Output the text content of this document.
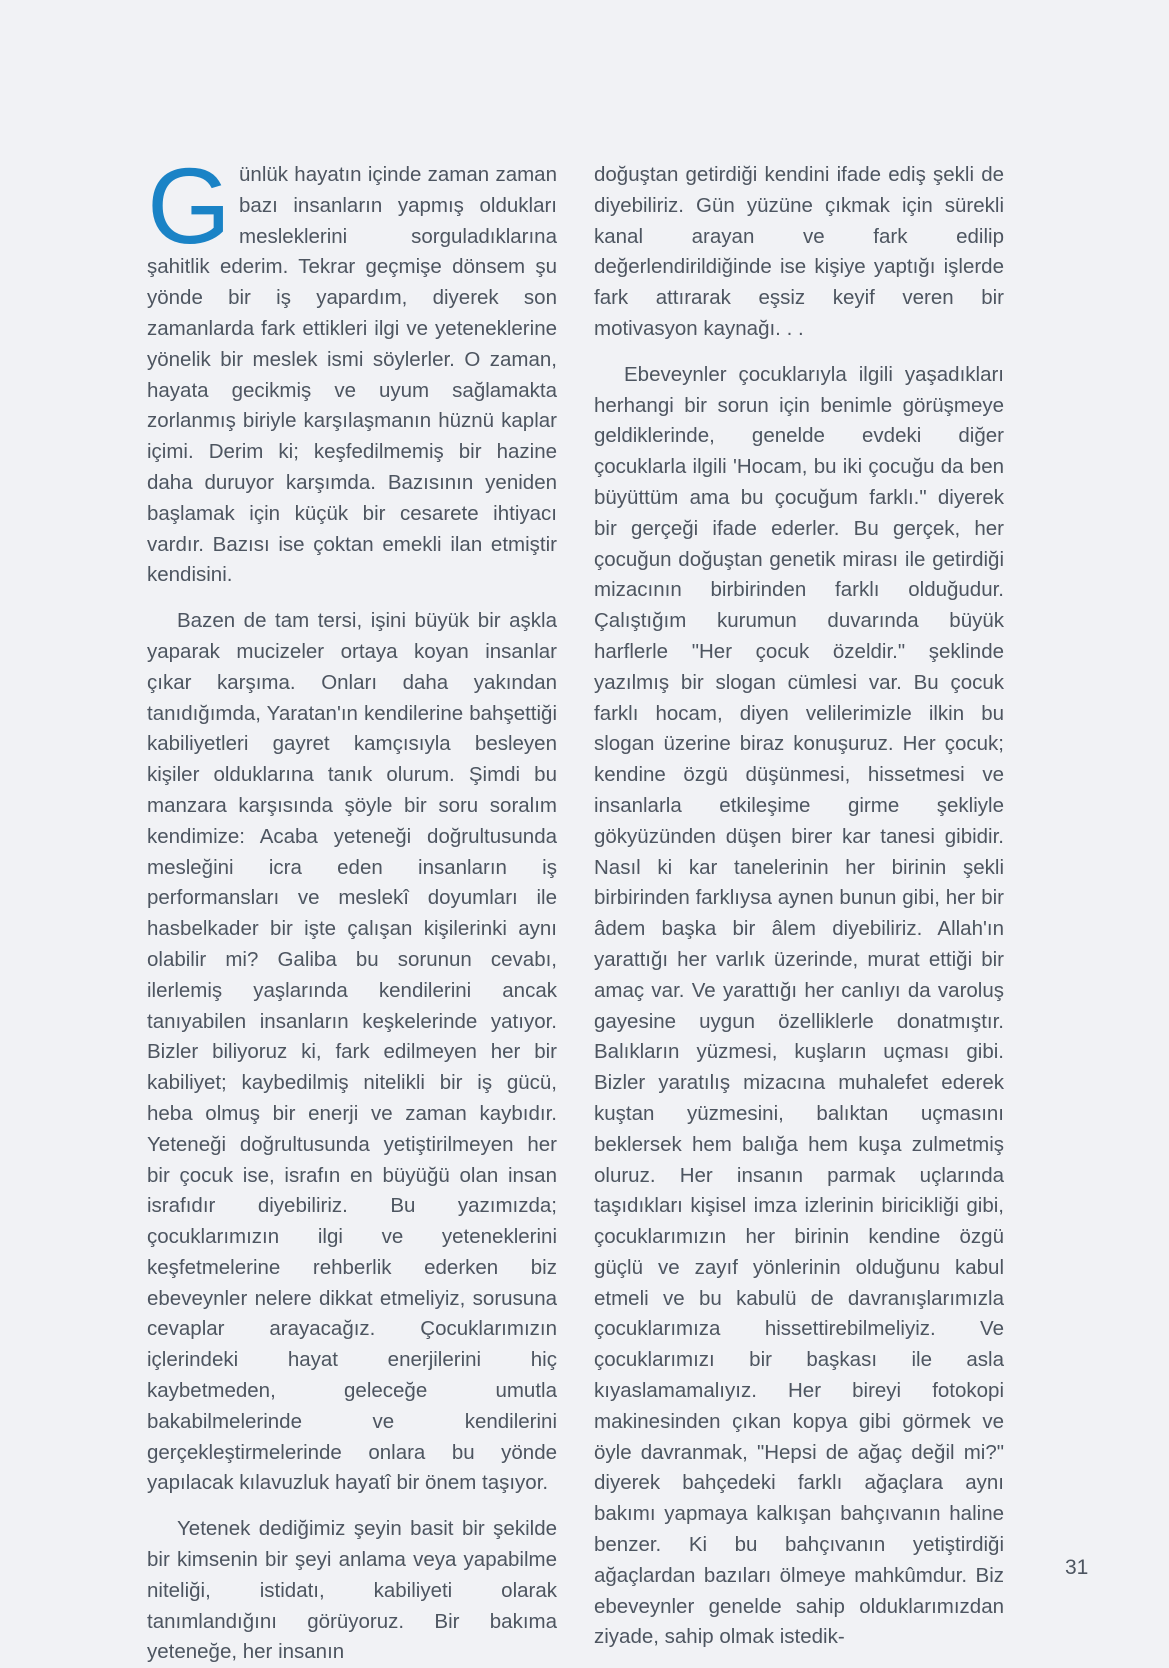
Günlük hayatın içinde zaman zaman bazı insanların yapmış oldukları mesleklerini sorguladıklarına şahitlik ederim. Tekrar geçmişe dönsem şu yönde bir iş yapardım, diyerek son zamanlarda fark ettikleri ilgi ve yeteneklerine yönelik bir meslek ismi söylerler. O zaman, hayata gecikmiş ve uyum sağlamakta zorlanmış biriyle karşılaşmanın hüznü kaplar içimi. Derim ki; keşfedilmemiş bir hazine daha duruyor karşımda. Bazısının yeniden başlamak için küçük bir cesarete ihtiyacı vardır. Bazısı ise çoktan emekli ilan etmiştir kendisini.

Bazen de tam tersi, işini büyük bir aşkla yaparak mucizeler ortaya koyan insanlar çıkar karşıma. Onları daha yakından tanıdığımda, Yaratan'ın kendilerine bahşettiği kabiliyetleri gayret kamçısıyla besleyen kişiler olduklarına tanık olurum. Şimdi bu manzara karşısında şöyle bir soru soralım kendimize: Acaba yeteneği doğrultusunda mesleğini icra eden insanların iş performansları ve meslekî doyumları ile hasbelkader bir işte çalışan kişilerinki aynı olabilir mi? Galiba bu sorunun cevabı, ilerlemiş yaşlarında kendilerini ancak tanıyabilen insanların keşkelerinde yatıyor. Bizler biliyoruz ki, fark edilmeyen her bir kabiliyet; kaybedilmiş nitelikli bir iş gücü, heba olmuş bir enerji ve zaman kaybıdır. Yeteneği doğrultusunda yetiştirilmeyen her bir çocuk ise, israfın en büyüğü olan insan israfıdır diyebiliriz. Bu yazımızda; çocuklarımızın ilgi ve yeteneklerini keşfetmelerine rehberlik ederken biz ebeveynler nelere dikkat etmeliyiz, sorusuna cevaplar arayacağız. Çocuklarımızın içlerindeki hayat enerjilerini hiç kaybetmeden, geleceğe umutla bakabilmelerinde ve kendilerini gerçekleştirmelerinde onlara bu yönde yapılacak kılavuzluk hayatî bir önem taşıyor.

Yetenek dediğimiz şeyin basit bir şekilde bir kimsenin bir şeyi anlama veya yapabilme niteliği, istidatı, kabiliyeti olarak tanımlandığını görüyoruz. Bir bakıma yeteneğe, her insanın

doğuştan getirdiği kendini ifade ediş şekli de diyebiliriz. Gün yüzüne çıkmak için sürekli kanal arayan ve fark edilip değerlendirildiğinde ise kişiye yaptığı işlerde fark attırarak eşsiz keyif veren bir motivasyon kaynağı. . .

Ebeveynler çocuklarıyla ilgili yaşadıkları herhangi bir sorun için benimle görüşmeye geldiklerinde, genelde evdeki diğer çocuklarla ilgili 'Hocam, bu iki çocuğu da ben büyüttüm ama bu çocuğum farklı." diyerek bir gerçeği ifade ederler. Bu gerçek, her çocuğun doğuştan genetik mirası ile getirdiği mizacının birbirinden farklı olduğudur. Çalıştığım kurumun duvarında büyük harflerle "Her çocuk özeldir." şeklinde yazılmış bir slogan cümlesi var. Bu çocuk farklı hocam, diyen velilerimizle ilkin bu slogan üzerine biraz konuşuruz. Her çocuk; kendine özgü düşünmesi, hissetmesi ve insanlarla etkileşime girme şekliyle gökyüzünden düşen birer kar tanesi gibidir. Nasıl ki kar tanelerinin her birinin şekli birbirinden farklıysa aynen bunun gibi, her bir âdem başka bir âlem diyebiliriz. Allah'ın yarattığı her varlık üzerinde, murat ettiği bir amaç var. Ve yarattığı her canlıyı da varoluş gayesine uygun özelliklerle donatmıştır. Balıkların yüzmesi, kuşların uçması gibi. Bizler yaratılış mizacına muhalefet ederek kuştan yüzmesini, balıktan uçmasını beklersek hem balığa hem kuşa zulmetmiş oluruz. Her insanın parmak uçlarında taşıdıkları kişisel imza izlerinin biricikliği gibi, çocuklarımızın her birinin kendine özgü güçlü ve zayıf yönlerinin olduğunu kabul etmeli ve bu kabulü de davranışlarımızla çocuklarımıza hissettirebilmeliyiz. Ve çocuklarımızı bir başkası ile asla kıyaslamamalıyız. Her bireyi fotokopi makinesinden çıkan kopya gibi görmek ve öyle davranmak, "Hepsi de ağaç değil mi?" diyerek bahçedeki farklı ağaçlara aynı bakımı yapmaya kalkışan bahçıvanın haline benzer. Ki bu bahçıvanın yetiştirdiği ağaçlardan bazıları ölmeye mahkûmdur. Biz ebeveynler genelde sahip olduklarımızdan ziyade, sahip olmak istedik-

31
